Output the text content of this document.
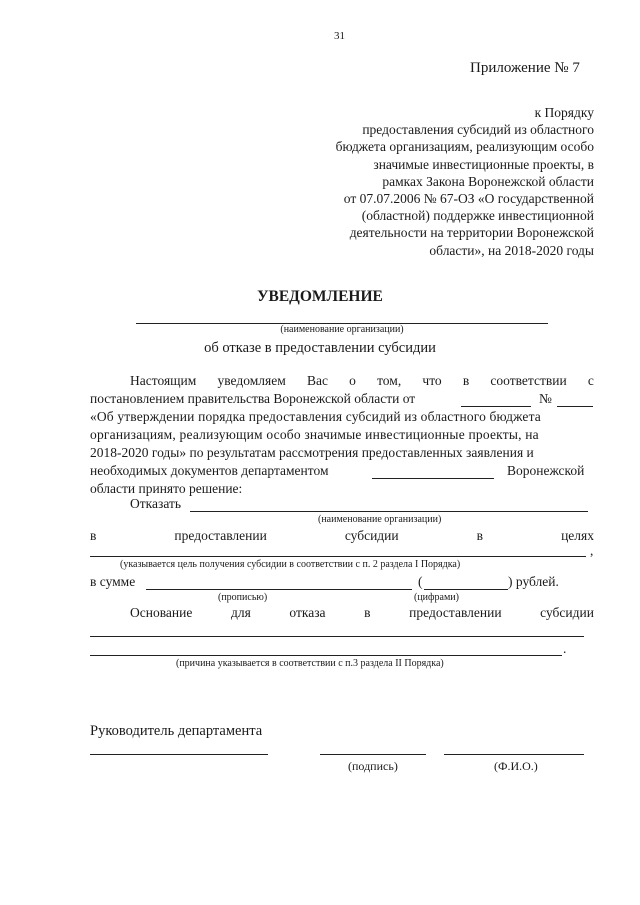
31
Приложение № 7
к Порядку
предоставления субсидий из областного
бюджета организациям, реализующим особо
значимые инвестиционные проекты, в
рамках Закона Воронежской области
от 07.07.2006 № 67-ОЗ «О государственной
(областной) поддержке инвестиционной
деятельности на территории Воронежской
области», на 2018-2020 годы
УВЕДОМЛЕНИЕ
(наименование организации)
об отказе в предоставлении субсидии
Настоящим уведомляем Вас о том, что в соответствии с
постановлением правительства Воронежской области от	№
«Об утверждении порядка предоставления субсидий из областного бюджета
организациям, реализующим особо значимые инвестиционные проекты, на
2018-2020 годы» по результатам рассмотрения предоставленных заявления и
необходимых документов департаментом	Воронежской
области принято решение:
Отказать
(наименование организации)
в	предоставлении	субсидии	в	целях
,
(указывается цель получения субсидии в соответствии с п. 2 раздела I Порядка)
в сумме	(	) рублей.
(прописью)	(цифрами)
Основание	для	отказа	в	предоставлении	субсидии
.
(причина указывается в соответствии с п.3 раздела II Порядка)
Руководитель департамента
(подпись)	(Ф.И.О.)
